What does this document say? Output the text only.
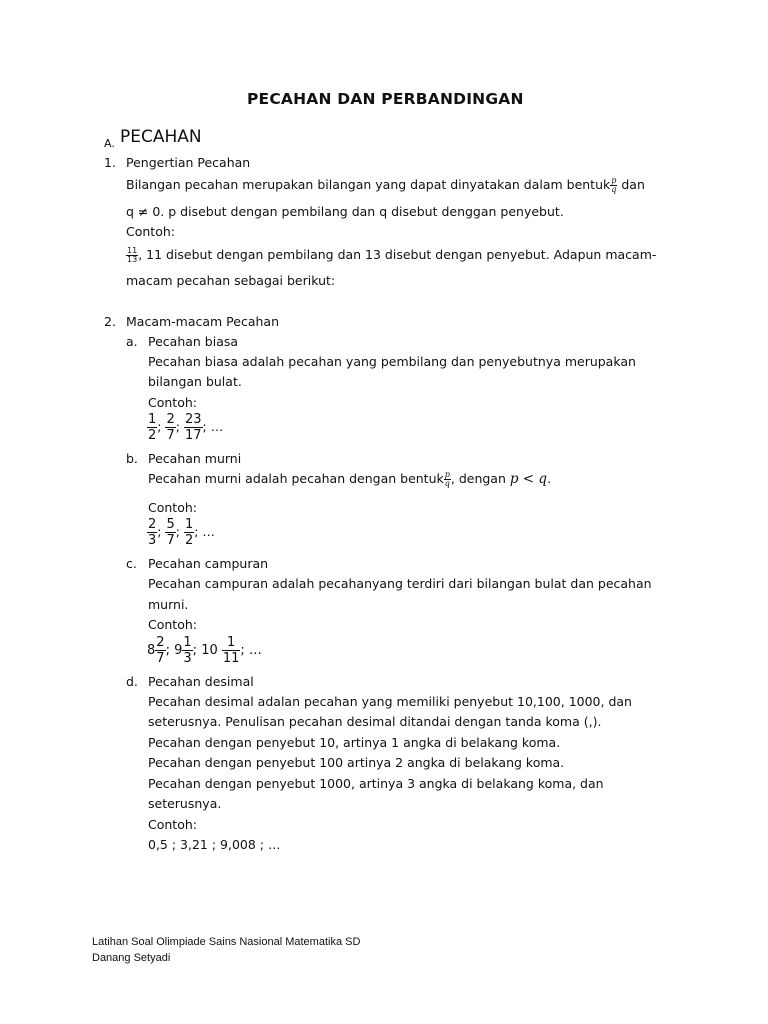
PECAHAN DAN PERBANDINGAN
A. PECAHAN
1. Pengertian Pecahan
Bilangan pecahan merupakan bilangan yang dapat dinyatakan dalam bentuk $\frac{p}{q}$ dan
q ≠ 0. p disebut dengan pembilang dan q disebut denggan penyebut.
Contoh:
$\frac{11}{13}$ , 11 disebut dengan pembilang dan 13 disebut dengan penyebut. Adapun macam-
macam pecahan sebagai berikut:
2. Macam-macam Pecahan
a. Pecahan biasa
Pecahan biasa adalah pecahan yang pembilang dan penyebutnya merupakan
bilangan bulat.
Contoh:
$\frac{1}{2}$ ; $\frac{2}{7}$ ; $\frac{23}{17}$ ; …
b. Pecahan murni
Pecahan murni adalah pecahan dengan bentuk $\frac{p}{q}$ , dengan p < q.
Contoh:
$\frac{2}{3}$ ; $\frac{5}{7}$ ; $\frac{1}{2}$ ; …
c. Pecahan campuran
Pecahan campuran adalah pecahanyang terdiri dari bilangan bulat dan pecahan
murni.
Contoh:
$8 \frac{2}{7}$ ; $9 \frac{1}{3}$ ; $10 \frac{1}{11}$ ; …
d. Pecahan desimal
Pecahan desimal adalan pecahan yang memiliki penyebut 10,100, 1000, dan
seterusnya. Penulisan pecahan desimal ditandai dengan tanda koma (,).
Pecahan dengan penyebut 10, artinya 1 angka di belakang koma.
Pecahan dengan penyebut 100 artinya 2 angka di belakang koma.
Pecahan dengan penyebut 1000, artinya 3 angka di belakang koma, dan
seterusnya.
Contoh:
0,5 ; 3,21 ; 9,008 ; …
Latihan Soal Olimpiade Sains Nasional Matematika SD
Danang Setyadi
